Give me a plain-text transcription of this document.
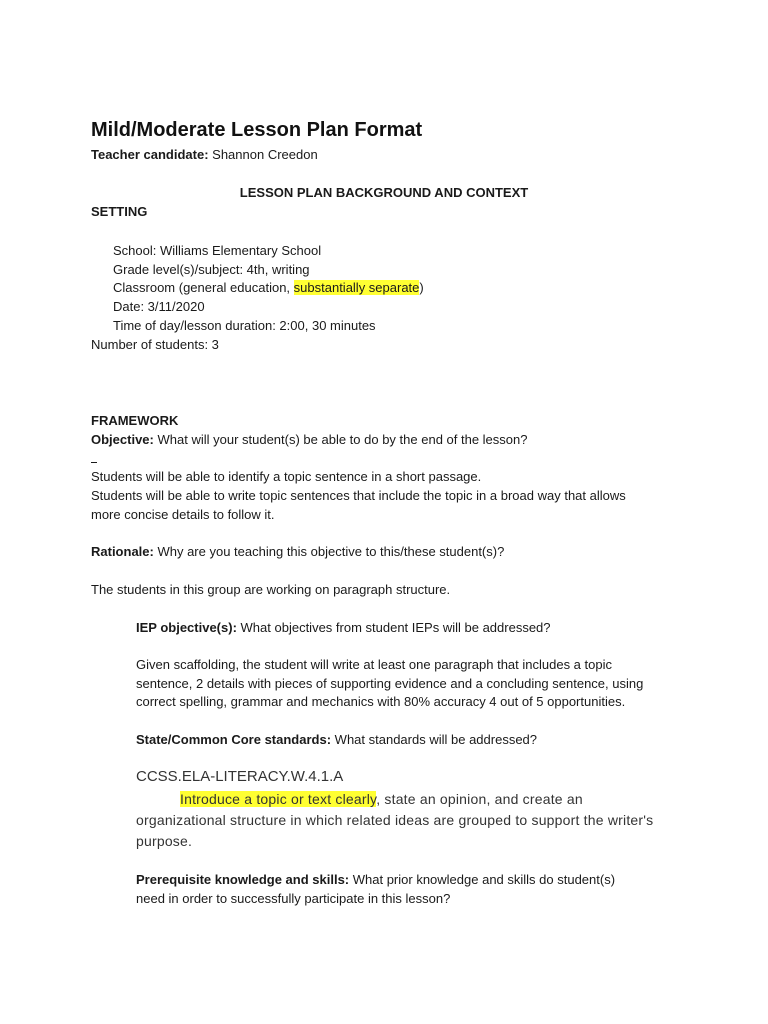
Mild/Moderate Lesson Plan Format
Teacher candidate: Shannon Creedon
LESSON PLAN BACKGROUND AND CONTEXT
SETTING
School: Williams Elementary School
Grade level(s)/subject: 4th, writing
Classroom (general education, substantially separate)
Date: 3/11/2020
Time of day/lesson duration: 2:00, 30 minutes
Number of students: 3
FRAMEWORK
Objective: What will your student(s) be able to do by the end of the lesson?
Students will be able to identify a topic sentence in a short passage.
Students will be able to write topic sentences that include the topic in a broad way that allows
more concise details to follow it.
Rationale: Why are you teaching this objective to this/these student(s)?
The students in this group are working on paragraph structure.
IEP objective(s): What objectives from student IEPs will be addressed?
Given scaffolding, the student will write at least one paragraph that includes a topic
sentence, 2 details with pieces of supporting evidence and a concluding sentence, using
correct spelling, grammar and mechanics with 80% accuracy 4 out of 5 opportunities.
State/Common Core standards: What standards will be addressed?
CCSS.ELA-LITERACY.W.4.1.A
Introduce a topic or text clearly, state an opinion, and create an
organizational structure in which related ideas are grouped to support the writer's
purpose.
Prerequisite knowledge and skills: What prior knowledge and skills do student(s)
need in order to successfully participate in this lesson?
